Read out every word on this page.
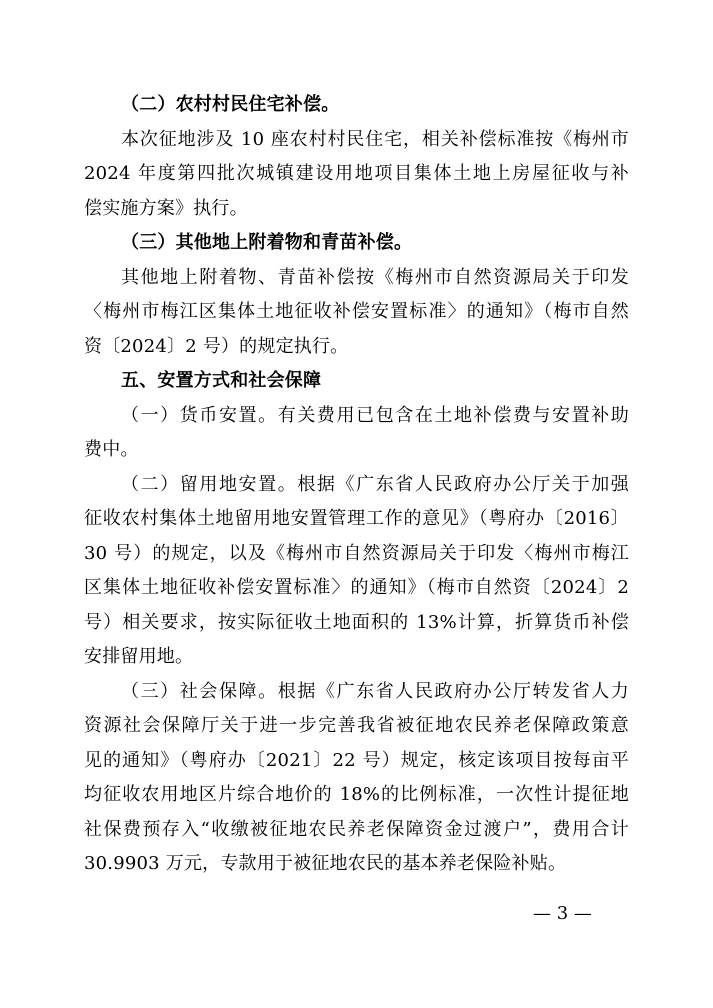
（二）农村村民住宅补偿。
本次征地涉及 10 座农村村民住宅，相关补偿标准按《梅州市
2024 年度第四批次城镇建设用地项目集体土地上房屋征收与补
偿实施方案》执行。
（三）其他地上附着物和青苗补偿。
其他地上附着物、青苗补偿按《梅州市自然资源局关于印发
〈梅州市梅江区集体土地征收补偿安置标准〉的通知》（梅市自然
资〔2024〕2 号）的规定执行。
五、安置方式和社会保障
（一）货币安置。有关费用已包含在土地补偿费与安置补助
费中。
（二）留用地安置。根据《广东省人民政府办公厅关于加强
征收农村集体土地留用地安置管理工作的意见》（粤府办〔2016〕
30 号）的规定，以及《梅州市自然资源局关于印发〈梅州市梅江
区集体土地征收补偿安置标准〉的通知》（梅市自然资〔2024〕2
号）相关要求，按实际征收土地面积的 13%计算，折算货币补偿
安排留用地。
（三）社会保障。根据《广东省人民政府办公厅转发省人力
资源社会保障厅关于进一步完善我省被征地农民养老保障政策意
见的通知》（粤府办〔2021〕22 号）规定，核定该项目按每亩平
均征收农用地区片综合地价的 18%的比例标准，一次性计提征地
社保费预存入“收缴被征地农民养老保障资金过渡户”，费用合计
30.9903 万元，专款用于被征地农民的基本养老保险补贴。
— 3 —
